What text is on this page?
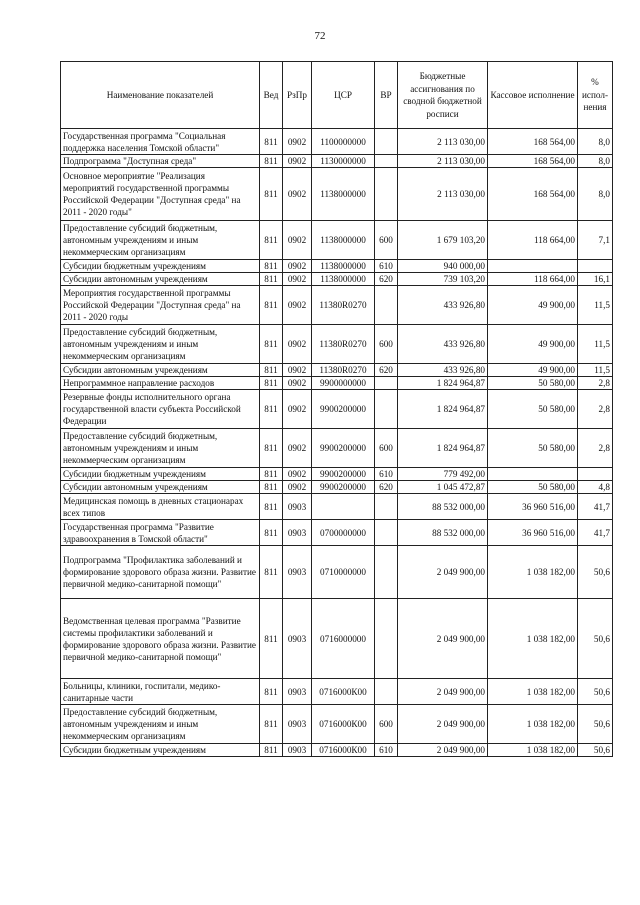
72
Наименование показателей	Вед	РзПр	ЦСР	ВР	Бюджетные ассигнования по сводной бюджетной росписи	Кассовое исполнение	% испол-нения
Государственная программа "Социальная поддержка населения Томской области"	811	0902	1100000000		2 113 030,00	168 564,00	8,0
Подпрограмма "Доступная среда"	811	0902	1130000000		2 113 030,00	168 564,00	8,0
Основное мероприятие "Реализация мероприятий государственной программы Российской Федерации "Доступная среда" на 2011 - 2020 годы"	811	0902	1138000000		2 113 030,00	168 564,00	8,0
Предоставление субсидий бюджетным, автономным учреждениям и иным некоммерческим организациям	811	0902	1138000000	600	1 679 103,20	118 664,00	7,1
Субсидии бюджетным учреждениям	811	0902	1138000000	610	940 000,00		
Субсидии автономным учреждениям	811	0902	1138000000	620	739 103,20	118 664,00	16,1
Мероприятия государственной программы Российской Федерации "Доступная среда" на 2011 - 2020 годы	811	0902	11380R0270		433 926,80	49 900,00	11,5
Предоставление субсидий бюджетным, автономным учреждениям и иным некоммерческим организациям	811	0902	11380R0270	600	433 926,80	49 900,00	11,5
Субсидии автономным учреждениям	811	0902	11380R0270	620	433 926,80	49 900,00	11,5
Непрограммное направление расходов	811	0902	9900000000		1 824 964,87	50 580,00	2,8
Резервные фонды исполнительного органа государственной власти субъекта Российской Федерации	811	0902	9900200000		1 824 964,87	50 580,00	2,8
Предоставление субсидий бюджетным, автономным учреждениям и иным некоммерческим организациям	811	0902	9900200000	600	1 824 964,87	50 580,00	2,8
Субсидии бюджетным учреждениям	811	0902	9900200000	610	779 492,00		
Субсидии автономным учреждениям	811	0902	9900200000	620	1 045 472,87	50 580,00	4,8
Медицинская помощь в дневных стационарах всех типов	811	0903			88 532 000,00	36 960 516,00	41,7
Государственная программа "Развитие здравоохранения в Томской области"	811	0903	0700000000		88 532 000,00	36 960 516,00	41,7
Подпрограмма "Профилактика заболеваний и формирование здорового образа жизни. Развитие первичной медико-санитарной помощи"	811	0903	0710000000		2 049 900,00	1 038 182,00	50,6
Ведомственная целевая программа "Развитие системы профилактики заболеваний и формирование здорового образа жизни. Развитие первичной медико-санитарной помощи"	811	0903	0716000000		2 049 900,00	1 038 182,00	50,6
Больницы, клиники, госпитали, медико-санитарные части	811	0903	0716000К00		2 049 900,00	1 038 182,00	50,6
Предоставление субсидий бюджетным, автономным учреждениям и иным некоммерческим организациям	811	0903	0716000К00	600	2 049 900,00	1 038 182,00	50,6
Субсидии бюджетным учреждениям	811	0903	0716000К00	610	2 049 900,00	1 038 182,00	50,6
